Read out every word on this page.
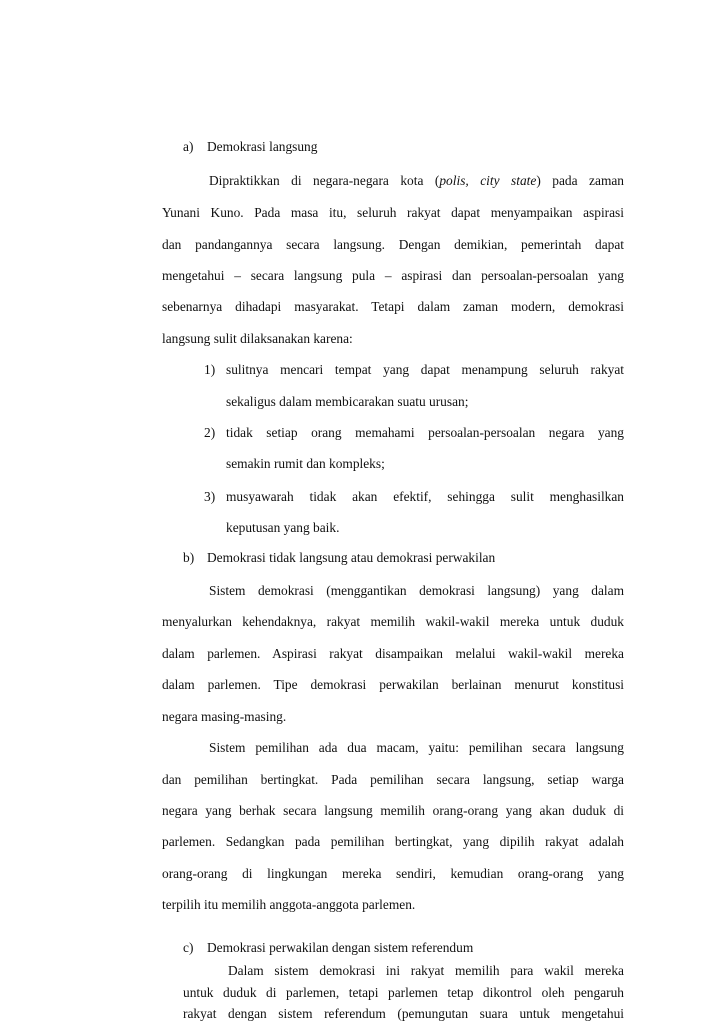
a) Demokrasi langsung
Dipraktikkan di negara-negara kota (polis, city state) pada zaman
Yunani Kuno. Pada masa itu, seluruh rakyat dapat menyampaikan aspirasi
dan pandangannya secara langsung. Dengan demikian, pemerintah dapat
mengetahui – secara langsung pula – aspirasi dan persoalan-persoalan yang
sebenarnya dihadapi masyarakat. Tetapi dalam zaman modern, demokrasi
langsung sulit dilaksanakan karena:
1) sulitnya mencari tempat yang dapat menampung seluruh rakyat
sekaligus dalam membicarakan suatu urusan;
2) tidak setiap orang memahami persoalan-persoalan negara yang
semakin rumit dan kompleks;
3) musyawarah tidak akan efektif, sehingga sulit menghasilkan
keputusan yang baik.
b) Demokrasi tidak langsung atau demokrasi perwakilan
Sistem demokrasi (menggantikan demokrasi langsung) yang dalam
menyalurkan kehendaknya, rakyat memilih wakil-wakil mereka untuk duduk
dalam parlemen. Aspirasi rakyat disampaikan melalui wakil-wakil mereka
dalam parlemen. Tipe demokrasi perwakilan berlainan menurut konstitusi
negara masing-masing.
Sistem pemilihan ada dua macam, yaitu: pemilihan secara langsung
dan pemilihan bertingkat. Pada pemilihan secara langsung, setiap warga
negara yang berhak secara langsung memilih orang-orang yang akan duduk di
parlemen. Sedangkan pada pemilihan bertingkat, yang dipilih rakyat adalah
orang-orang di lingkungan mereka sendiri, kemudian orang-orang yang
terpilih itu memilih anggota-anggota parlemen.
c) Demokrasi perwakilan dengan sistem referendum
Dalam sistem demokrasi ini rakyat memilih para wakil mereka
untuk duduk di parlemen, tetapi parlemen tetap dikontrol oleh pengaruh
rakyat dengan sistem referendum (pemungutan suara untuk mengetahui
